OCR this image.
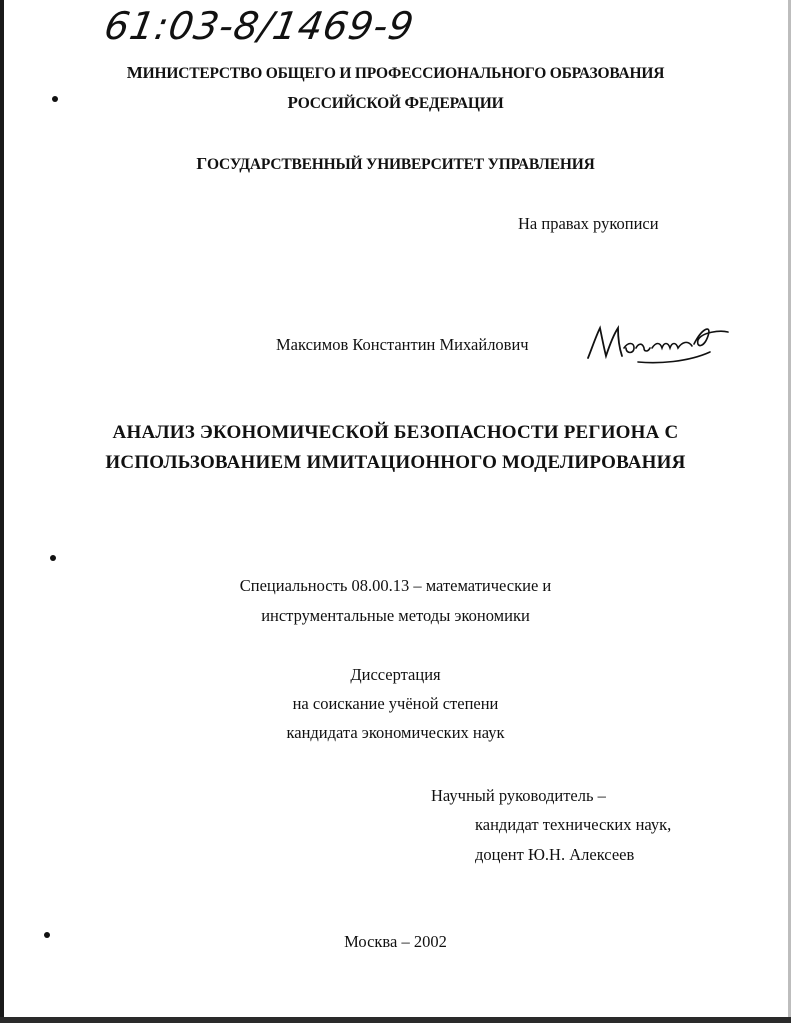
61:03-8/1469-9
МИНИСТЕРСТВО ОБЩЕГО И ПРОФЕССИОНАЛЬНОГО ОБРАЗОВАНИЯ
РОССИЙСКОЙ ФЕДЕРАЦИИ
ГОСУДАРСТВЕННЫЙ УНИВЕРСИТЕТ УПРАВЛЕНИЯ
На правах рукописи
Максимов Константин Михайлович
АНАЛИЗ ЭКОНОМИЧЕСКОЙ БЕЗОПАСНОСТИ РЕГИОНА С
ИСПОЛЬЗОВАНИЕМ ИМИТАЦИОННОГО МОДЕЛИРОВАНИЯ
Специальность 08.00.13 – математические и
инструментальные методы экономики
Диссертация
на соискание учёной степени
кандидата экономических наук
Научный руководитель –
кандидат технических наук,
доцент Ю.Н. Алексеев
Москва – 2002
